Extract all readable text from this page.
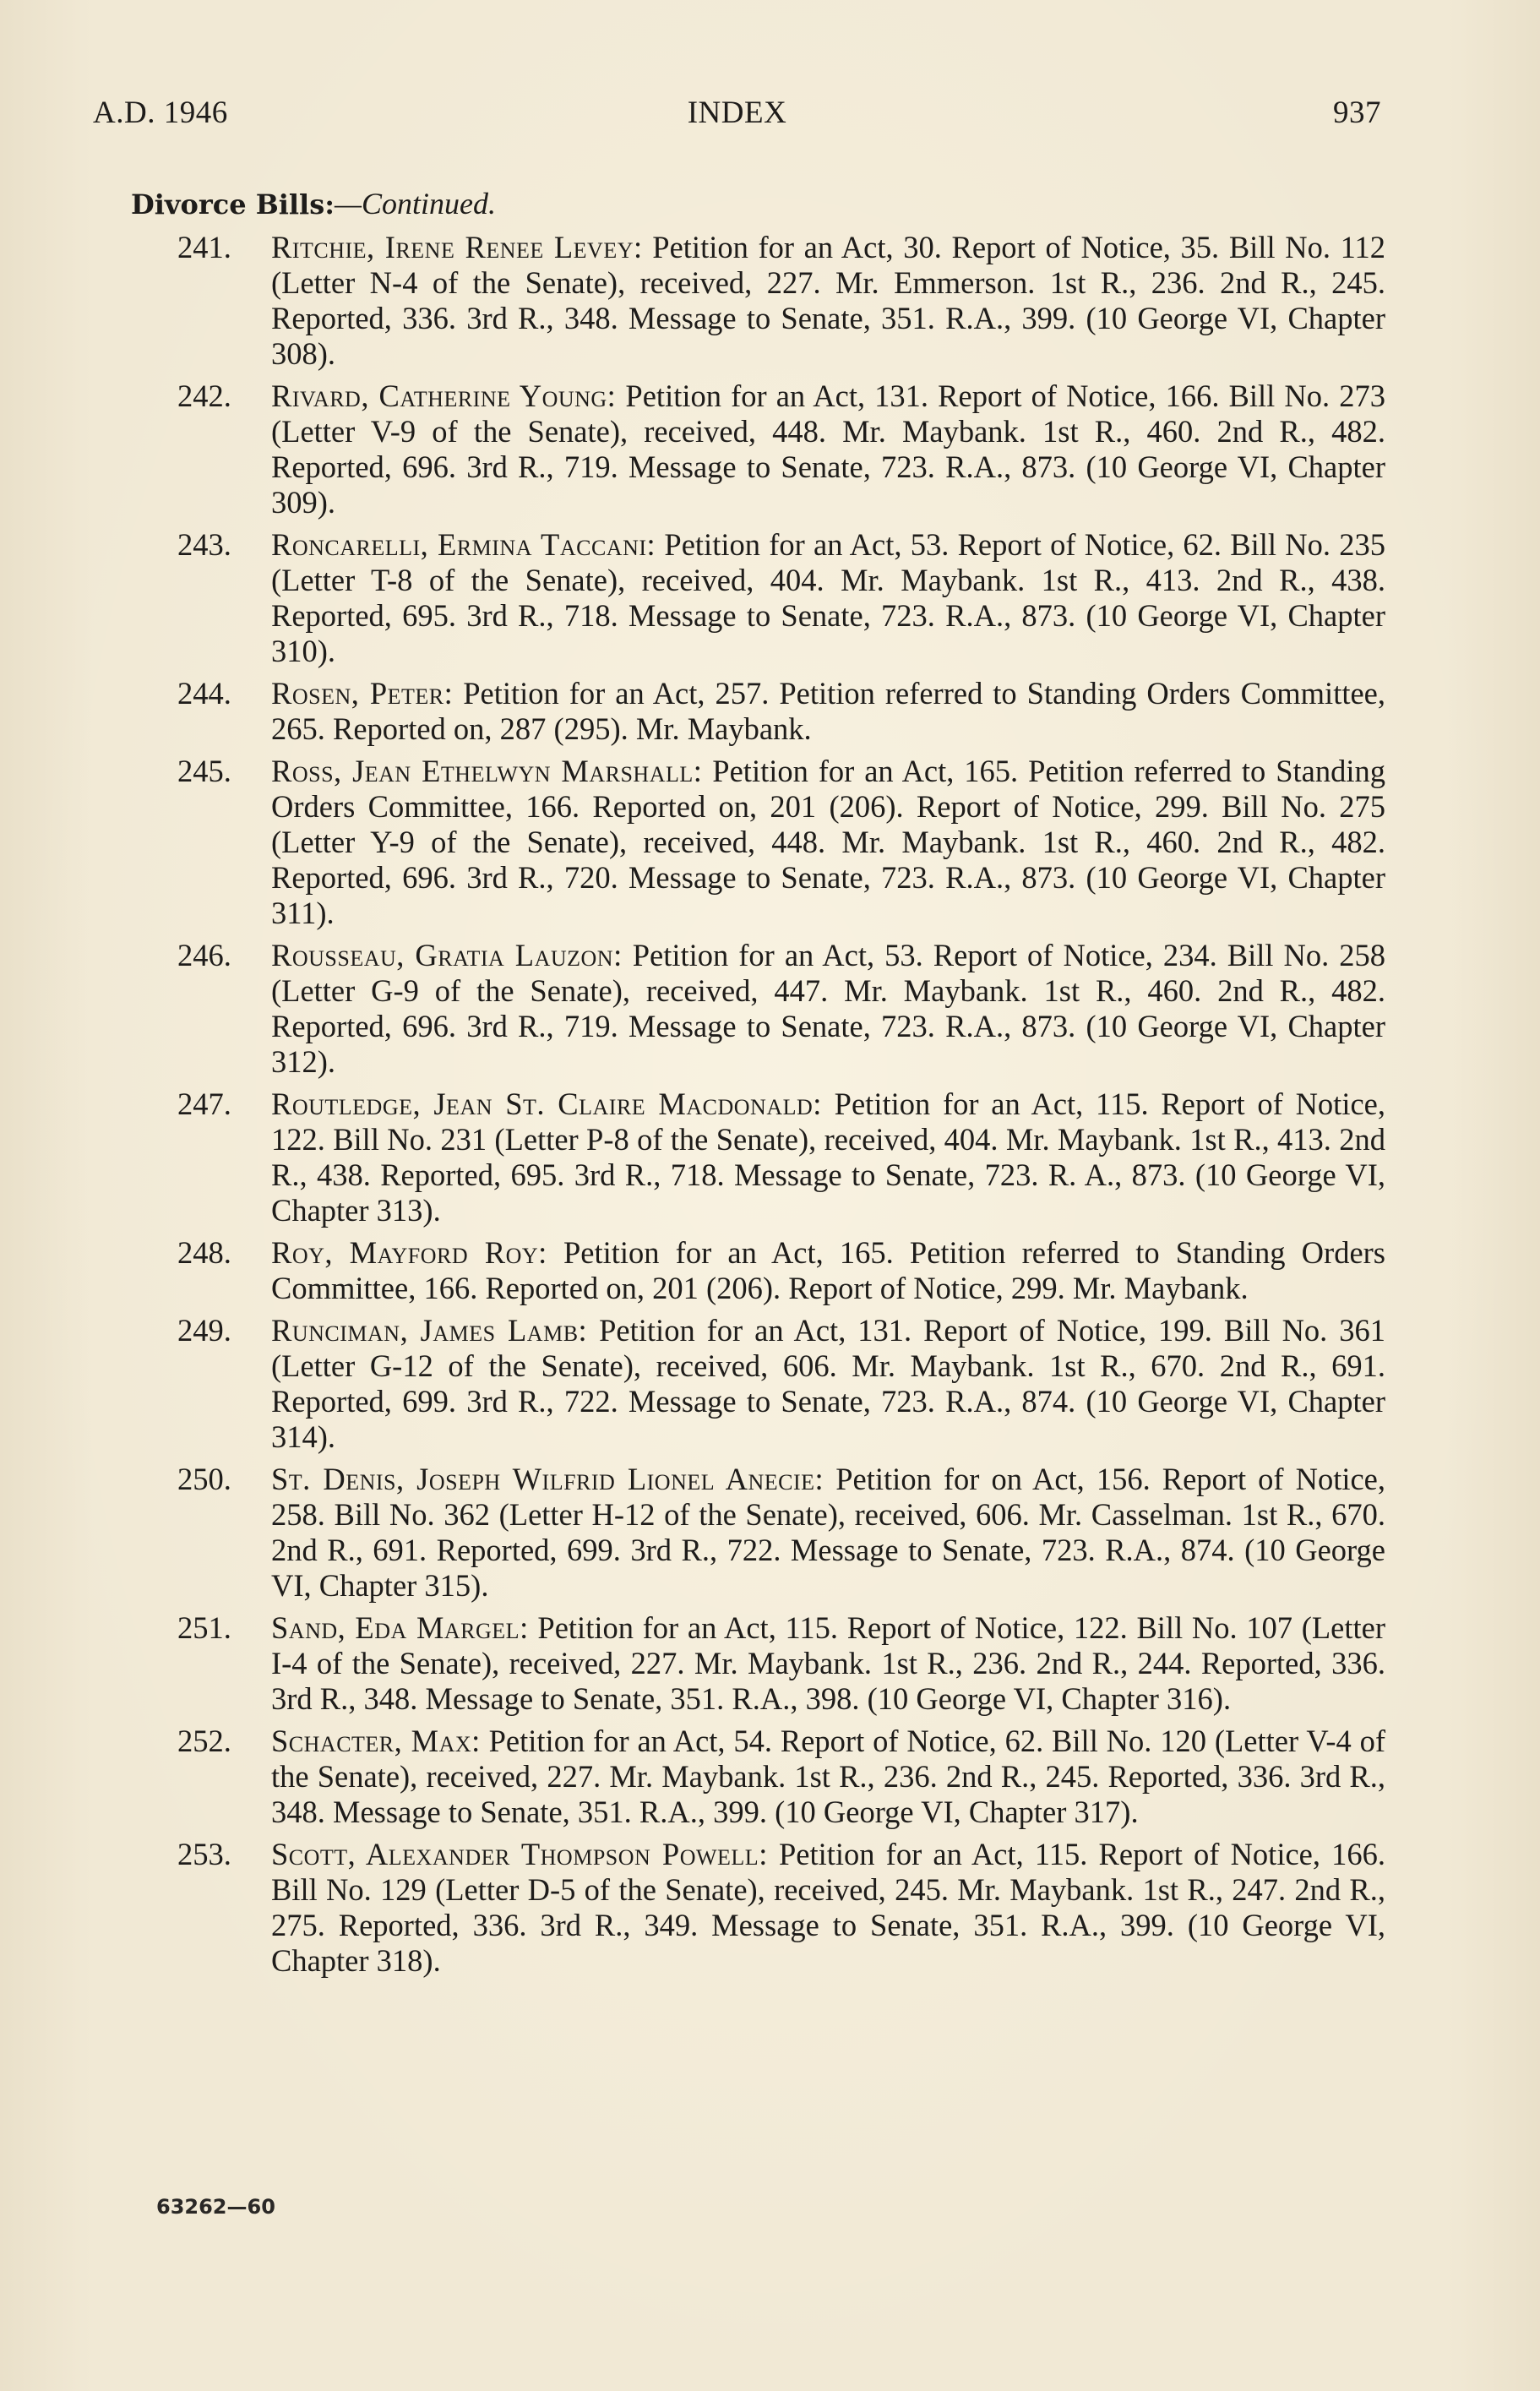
A.D. 1946	INDEX	937
Divorce Bills:—Continued.
241.	Ritchie, Irene Renee Levey: Petition for an Act, 30. Report of Notice, 35. Bill No. 112 (Letter N-4 of the Senate), received, 227. Mr. Emmerson. 1st R., 236. 2nd R., 245. Reported, 336. 3rd R., 348. Message to Senate, 351. R.A., 399. (10 George VI, Chapter 308).
242.	Rivard, Catherine Young: Petition for an Act, 131. Report of Notice, 166. Bill No. 273 (Letter V-9 of the Senate), received, 448. Mr. Maybank. 1st R., 460. 2nd R., 482. Reported, 696. 3rd R., 719. Message to Senate, 723. R.A., 873. (10 George VI, Chapter 309).
243.	Roncarelli, Ermina Taccani: Petition for an Act, 53. Report of Notice, 62. Bill No. 235 (Letter T-8 of the Senate), received, 404. Mr. Maybank. 1st R., 413. 2nd R., 438. Reported, 695. 3rd R., 718. Message to Senate, 723. R.A., 873. (10 George VI, Chapter 310).
244.	Rosen, Peter: Petition for an Act, 257. Petition referred to Standing Orders Committee, 265. Reported on, 287 (295). Mr. Maybank.
245.	Ross, Jean Ethelwyn Marshall: Petition for an Act, 165. Petition referred to Standing Orders Committee, 166. Reported on, 201 (206). Report of Notice, 299. Bill No. 275 (Letter Y-9 of the Senate), received, 448. Mr. Maybank. 1st R., 460. 2nd R., 482. Reported, 696. 3rd R., 720. Message to Senate, 723. R.A., 873. (10 George VI, Chapter 311).
246.	Rousseau, Gratia Lauzon: Petition for an Act, 53. Report of Notice, 234. Bill No. 258 (Letter G-9 of the Senate), received, 447. Mr. Maybank. 1st R., 460. 2nd R., 482. Reported, 696. 3rd R., 719. Message to Senate, 723. R.A., 873. (10 George VI, Chapter 312).
247.	Routledge, Jean St. Claire Macdonald: Petition for an Act, 115. Report of Notice, 122. Bill No. 231 (Letter P-8 of the Senate), received, 404. Mr. Maybank. 1st R., 413. 2nd R., 438. Reported, 695. 3rd R., 718. Message to Senate, 723. R. A., 873. (10 George VI, Chapter 313).
248.	Roy, Mayford Roy: Petition for an Act, 165. Petition referred to Standing Orders Committee, 166. Reported on, 201 (206). Report of Notice, 299. Mr. Maybank.
249.	Runciman, James Lamb: Petition for an Act, 131. Report of Notice, 199. Bill No. 361 (Letter G-12 of the Senate), received, 606. Mr. Maybank. 1st R., 670. 2nd R., 691. Reported, 699. 3rd R., 722. Message to Senate, 723. R.A., 874. (10 George VI, Chapter 314).
250.	St. Denis, Joseph Wilfrid Lionel Anecie: Petition for on Act, 156. Report of Notice, 258. Bill No. 362 (Letter H-12 of the Senate), received, 606. Mr. Casselman. 1st R., 670. 2nd R., 691. Reported, 699. 3rd R., 722. Message to Senate, 723. R.A., 874. (10 George VI, Chapter 315).
251.	Sand, Eda Margel: Petition for an Act, 115. Report of Notice, 122. Bill No. 107 (Letter I-4 of the Senate), received, 227. Mr. Maybank. 1st R., 236. 2nd R., 244. Reported, 336. 3rd R., 348. Message to Senate, 351. R.A., 398. (10 George VI, Chapter 316).
252.	Schacter, Max: Petition for an Act, 54. Report of Notice, 62. Bill No. 120 (Letter V-4 of the Senate), received, 227. Mr. Maybank. 1st R., 236. 2nd R., 245. Reported, 336. 3rd R., 348. Message to Senate, 351. R.A., 399. (10 George VI, Chapter 317).
253.	Scott, Alexander Thompson Powell: Petition for an Act, 115. Report of Notice, 166. Bill No. 129 (Letter D-5 of the Senate), received, 245. Mr. Maybank. 1st R., 247. 2nd R., 275. Reported, 336. 3rd R., 349. Message to Senate, 351. R.A., 399. (10 George VI, Chapter 318).
63262—60
